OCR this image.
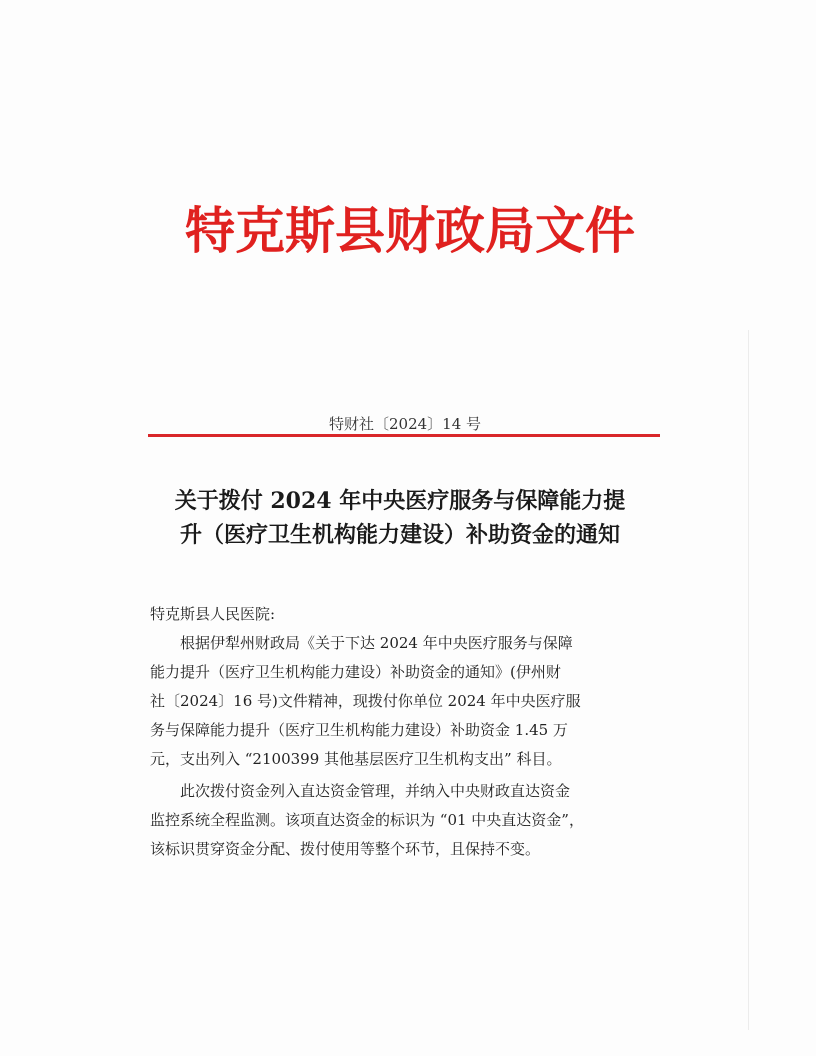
特克斯县财政局文件
特财社〔2024〕14 号
关于拨付 2024 年中央医疗服务与保障能力提
升（医疗卫生机构能力建设）补助资金的通知
特克斯县人民医院:
根据伊犁州财政局《关于下达 2024 年中央医疗服务与保障
能力提升（医疗卫生机构能力建设）补助资金的通知》(伊州财
社〔2024〕16 号)文件精神，现拨付你单位 2024 年中央医疗服
务与保障能力提升（医疗卫生机构能力建设）补助资金 1.45 万
元，支出列入 “2100399 其他基层医疗卫生机构支出” 科目。
此次拨付资金列入直达资金管理，并纳入中央财政直达资金
监控系统全程监测。该项直达资金的标识为 “01 中央直达资金”，
该标识贯穿资金分配、拨付使用等整个环节，且保持不变。
